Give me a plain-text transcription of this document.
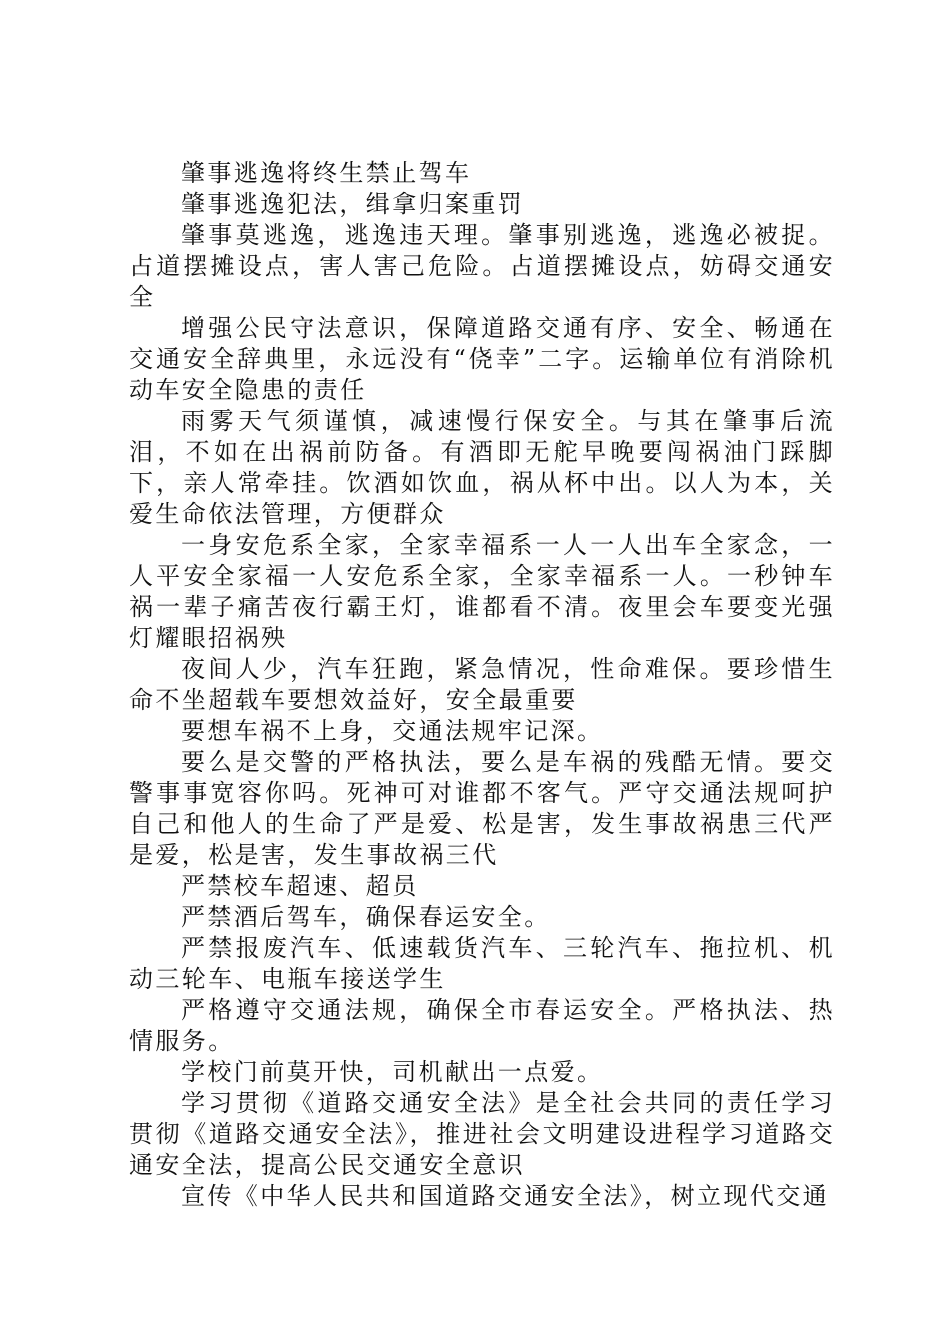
肇事逃逸将终生禁止驾车

肇事逃逸犯法，缉拿归案重罚

肇事莫逃逸，逃逸违天理。肇事别逃逸，逃逸必被捉。占道摆摊设点，害人害己危险。占道摆摊设点，妨碍交通安全

增强公民守法意识，保障道路交通有序、安全、畅通在交通安全辞典里，永远没有“侥幸”二字。运输单位有消除机动车安全隐患的责任

雨雾天气须谨慎，减速慢行保安全。与其在肇事后流泪，不如在出祸前防备。有酒即无舵早晚要闯祸油门踩脚下，亲人常牵挂。饮酒如饮血，祸从杯中出。以人为本，关爱生命依法管理，方便群众

一身安危系全家，全家幸福系一人一人出车全家念，一人平安全家福一人安危系全家，全家幸福系一人。一秒钟车祸一辈子痛苦夜行霸王灯，谁都看不清。夜里会车要变光强灯耀眼招祸殃

夜间人少，汽车狂跑，紧急情况，性命难保。要珍惜生命不坐超载车要想效益好，安全最重要

要想车祸不上身，交通法规牢记深。

要么是交警的严格执法，要么是车祸的残酷无情。要交警事事宽容你吗。死神可对谁都不客气。严守交通法规呵护自己和他人的生命了严是爱、松是害，发生事故祸患三代严是爱，松是害，发生事故祸三代

严禁校车超速、超员

严禁酒后驾车，确保春运安全。

严禁报废汽车、低速载货汽车、三轮汽车、拖拉机、机动三轮车、电瓶车接送学生

严格遵守交通法规，确保全市春运安全。严格执法、热情服务。

学校门前莫开快，司机献出一点爱。

学习贯彻《道路交通安全法》是全社会共同的责任学习贯彻《道路交通安全法》，推进社会文明建设进程学习道路交通安全法，提高公民交通安全意识

宣传《中华人民共和国道路交通安全法》，树立现代交通
